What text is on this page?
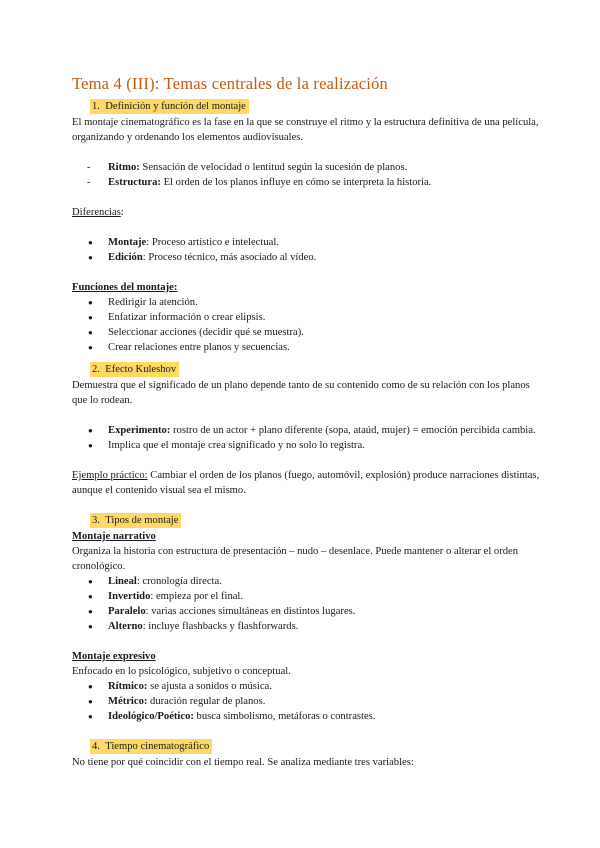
Tema 4 (III): Temas centrales de la realización
1. Definición y función del montaje

El montaje cinematográfico es la fase en la que se construye el ritmo y la estructura definitiva de una película, organizando y ordenando los elementos audiovisuales.

- Ritmo: Sensación de velocidad o lentitud según la sucesión de planos.
- Estructura: El orden de los planos influye en cómo se interpreta la historia.

Diferencias:

● Montaje: Proceso artístico e intelectual.
● Edición: Proceso técnico, más asociado al vídeo.

Funciones del montaje:

● Redirigir la atención.
● Enfatizar información o crear elipsis.
● Seleccionar acciones (decidir qué se muestra).
● Crear relaciones entre planos y secuencias.
2. Efecto Kuleshov

Demuestra que el significado de un plano depende tanto de su contenido como de su relación con los planos que lo rodean.

● Experimento: rostro de un actor + plano diferente (sopa, ataúd, mujer) = emoción percibida cambia.
● Implica que el montaje crea significado y no solo lo registra.

Ejemplo práctico: Cambiar el orden de los planos (fuego, automóvil, explosión) produce narraciones distintas, aunque el contenido visual sea el mismo.

3. Tipos de montaje

Montaje narrativo

Organiza la historia con estructura de presentación – nudo – desenlace. Puede mantener o alterar el orden cronológico.

● Lineal: cronología directa.
● Invertido: empieza por el final.
● Paralelo: varias acciones simultáneas en distintos lugares.
● Alterno: incluye flashbacks y flashforwards.

Montaje expresivo

Enfocado en lo psicológico, subjetivo o conceptual.

● Rítmico: se ajusta a sonidos o música.
● Métrico: duración regular de planos.
● Ideológico/Poético: busca simbolismo, metáforas o contrastes.
4. Tiempo cinematográfico

No tiene por qué coincidir con el tiempo real. Se analiza mediante tres variables:
